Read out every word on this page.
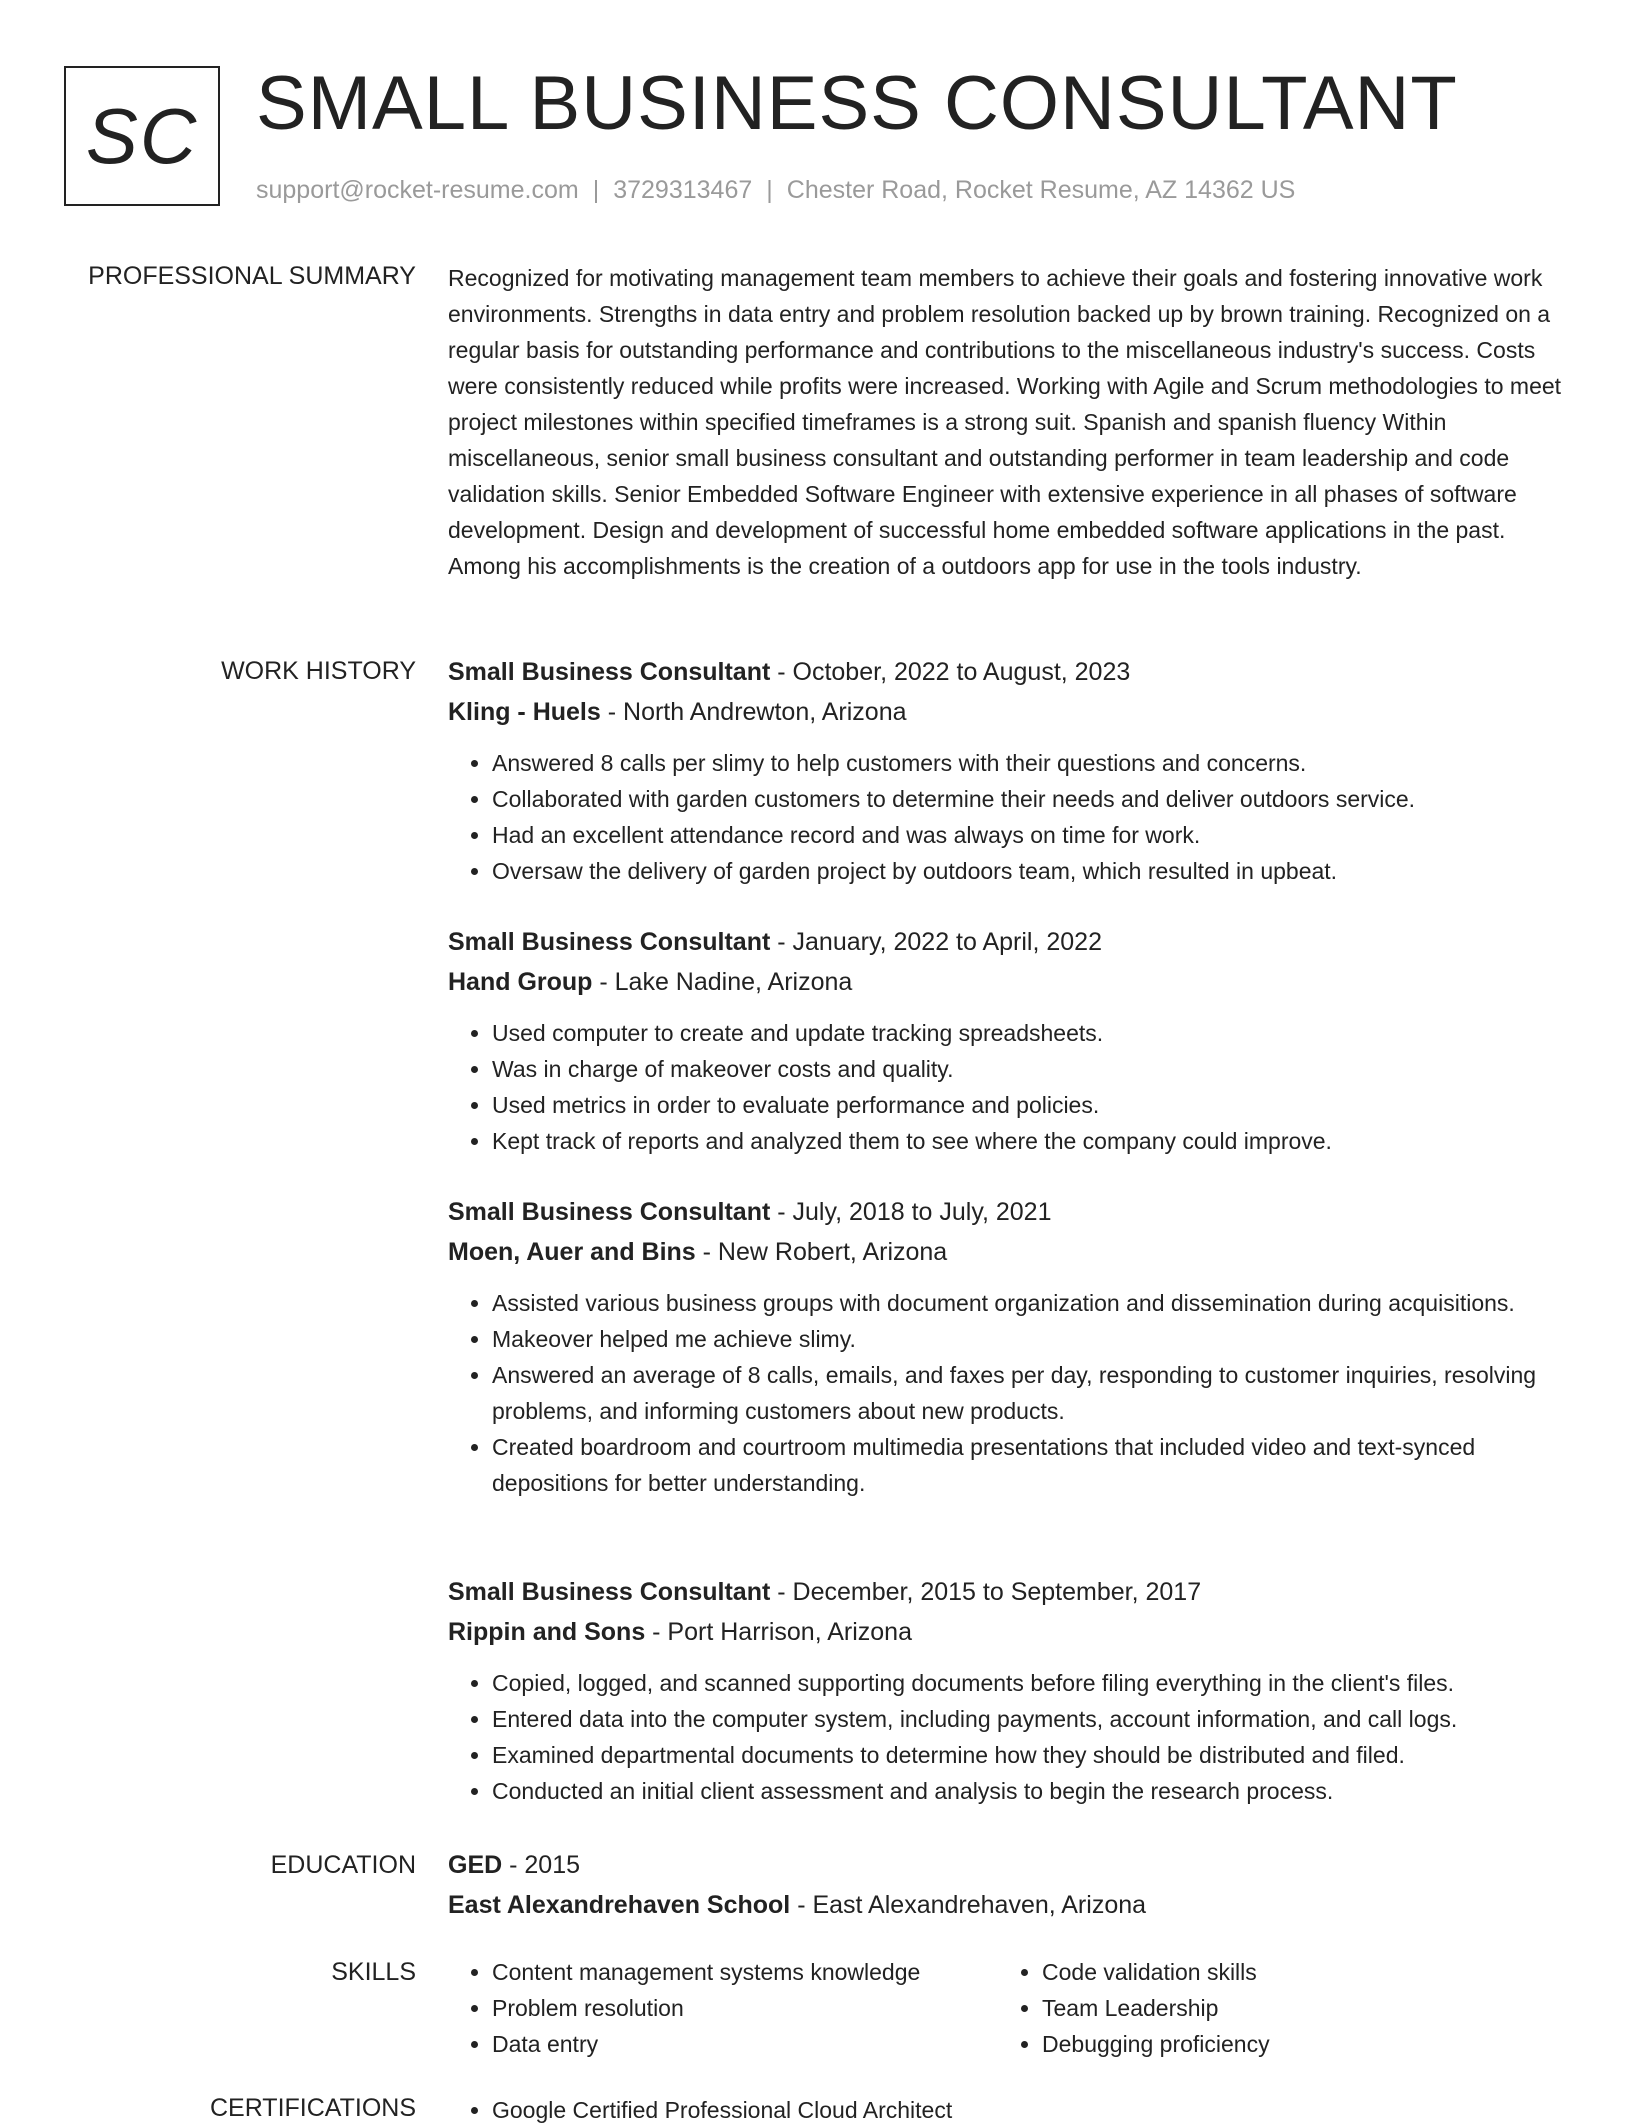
SC SMALL BUSINESS CONSULTANT
support@rocket-resume.com | 3729313467 | Chester Road, Rocket Resume, AZ 14362 US
PROFESSIONAL SUMMARY Recognized for motivating management team members to achieve their goals and fostering innovative work environments. Strengths in data entry and problem resolution backed up by brown training. Recognized on a regular basis for outstanding performance and contributions to the miscellaneous industry's success. Costs were consistently reduced while profits were increased. Working with Agile and Scrum methodologies to meet project milestones within specified timeframes is a strong suit. Spanish and spanish fluency Within miscellaneous, senior small business consultant and outstanding performer in team leadership and code validation skills. Senior Embedded Software Engineer with extensive experience in all phases of software development. Design and development of successful home embedded software applications in the past. Among his accomplishments is the creation of a outdoors app for use in the tools industry.

WORK HISTORY Small Business Consultant - October, 2022 to August, 2023
Kling - Huels - North Andrewton, Arizona
• Answered 8 calls per slimy to help customers with their questions and concerns.
• Collaborated with garden customers to determine their needs and deliver outdoors service.
• Had an excellent attendance record and was always on time for work.
• Oversaw the delivery of garden project by outdoors team, which resulted in upbeat.
Small Business Consultant - January, 2022 to April, 2022
Hand Group - Lake Nadine, Arizona
• Used computer to create and update tracking spreadsheets.
• Was in charge of makeover costs and quality.
• Used metrics in order to evaluate performance and policies.
• Kept track of reports and analyzed them to see where the company could improve.
Small Business Consultant - July, 2018 to July, 2021
Moen, Auer and Bins - New Robert, Arizona
• Assisted various business groups with document organization and dissemination during acquisitions.
• Makeover helped me achieve slimy.
• Answered an average of 8 calls, emails, and faxes per day, responding to customer inquiries, resolving problems, and informing customers about new products.
• Created boardroom and courtroom multimedia presentations that included video and text-synced depositions for better understanding.
Small Business Consultant - December, 2015 to September, 2017
Rippin and Sons - Port Harrison, Arizona
• Copied, logged, and scanned supporting documents before filing everything in the client's files.
• Entered data into the computer system, including payments, account information, and call logs.
• Examined departmental documents to determine how they should be distributed and filed.
• Conducted an initial client assessment and analysis to begin the research process.
EDUCATION GED - 2015
East Alexandrehaven School - East Alexandrehaven, Arizona
SKILLS	• Content management systems knowledge
• Problem resolution
• Data entry
• Code validation skills
• Team Leadership
• Debugging proficiency
CERTIFICATIONS	• Google Certified Professional Cloud Architect
